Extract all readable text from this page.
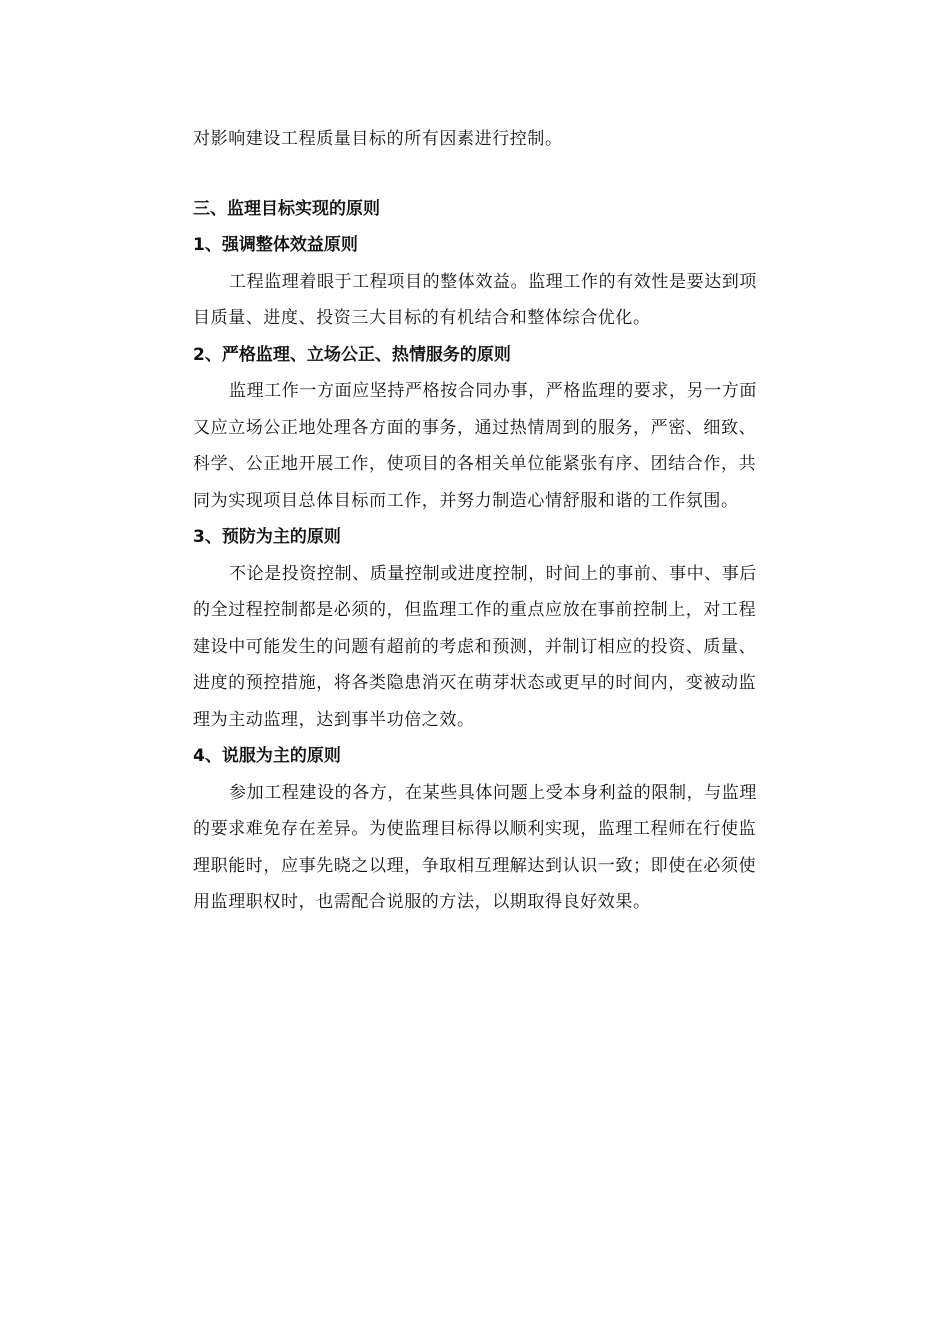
对影响建设工程质量目标的所有因素进行控制。
三、监理目标实现的原则
1、强调整体效益原则
工程监理着眼于工程项目的整体效益。监理工作的有效性是要达到项
目质量、进度、投资三大目标的有机结合和整体综合优化。
2、严格监理、立场公正、热情服务的原则
监理工作一方面应坚持严格按合同办事，严格监理的要求，另一方面
又应立场公正地处理各方面的事务，通过热情周到的服务，严密、细致、
科学、公正地开展工作，使项目的各相关单位能紧张有序、团结合作，共
同为实现项目总体目标而工作，并努力制造心情舒服和谐的工作氛围。
3、预防为主的原则
不论是投资控制、质量控制或进度控制，时间上的事前、事中、事后
的全过程控制都是必须的，但监理工作的重点应放在事前控制上，对工程
建设中可能发生的问题有超前的考虑和预测，并制订相应的投资、质量、
进度的预控措施，将各类隐患消灭在萌芽状态或更早的时间内，变被动监
理为主动监理，达到事半功倍之效。
4、说服为主的原则
参加工程建设的各方，在某些具体问题上受本身利益的限制，与监理
的要求难免存在差异。为使监理目标得以顺利实现，监理工程师在行使监
理职能时，应事先晓之以理，争取相互理解达到认识一致；即使在必须使
用监理职权时，也需配合说服的方法，以期取得良好效果。
